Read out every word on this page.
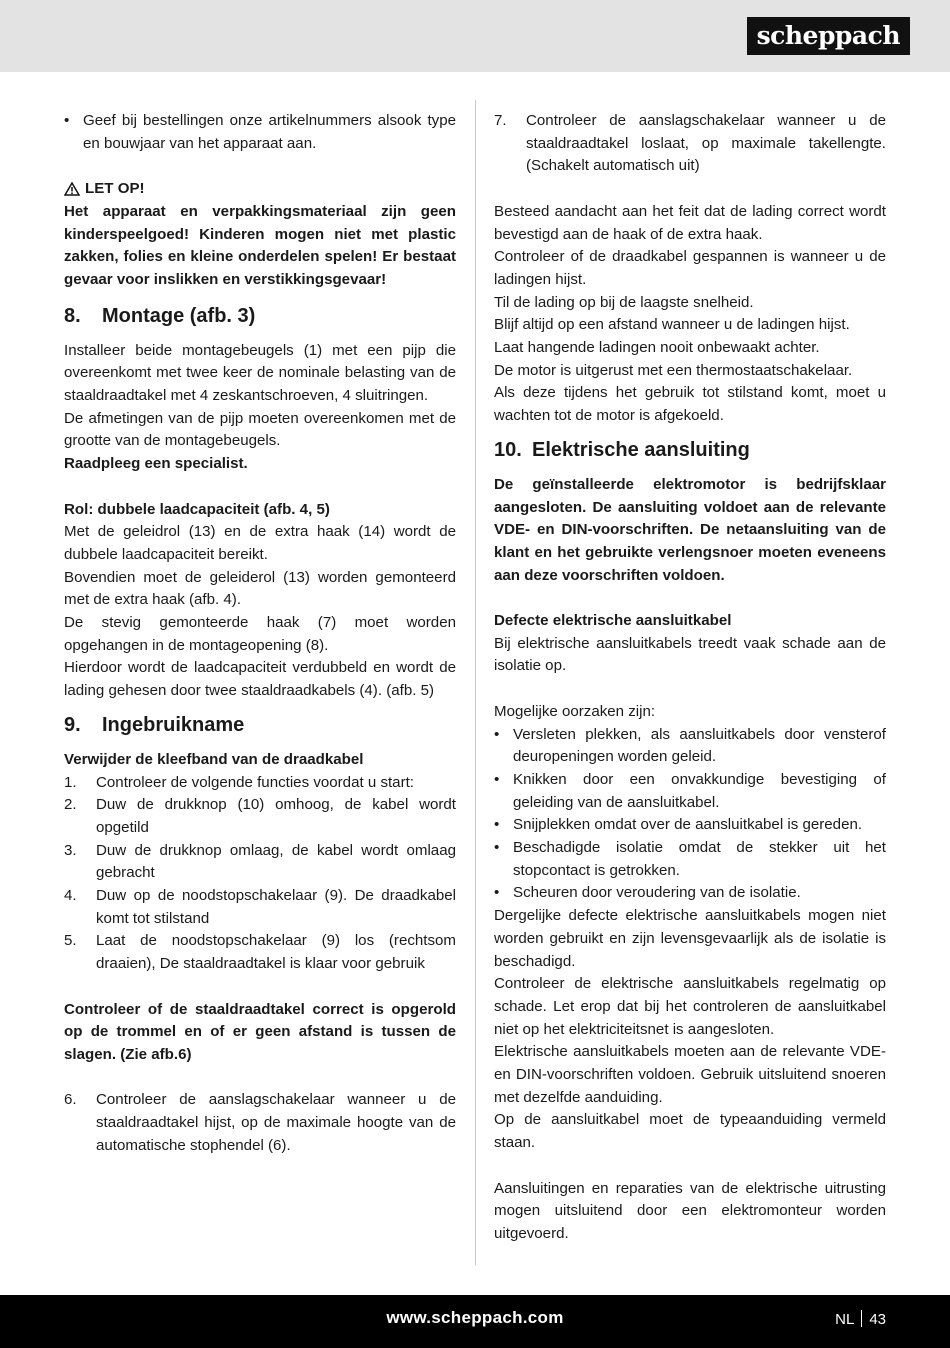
scheppach
• Geef bij bestellingen onze artikelnummers alsook type en bouwjaar van het apparaat aan.
LET OP!

Het apparaat en verpakkingsmateriaal zijn geen kinderspeelgoed! Kinderen mogen niet met plastic zakken, folies en kleine onderdelen spelen! Er bestaat gevaar voor inslikken en verstikkingsgevaar!

8.	Montage (afb. 3)

Installeer beide montagebeugels (1) met een pijp die overeenkomt met twee keer de nominale belasting van de staaldraadtakel met 4 zeskantschroeven, 4 sluitringen.

De afmetingen van de pijp moeten overeenkomen met de grootte van de montagebeugels.

Raadpleeg een specialist.

Rol: dubbele laadcapaciteit (afb. 4, 5)

Met de geleidrol (13) en de extra haak (14) wordt de dubbele laadcapaciteit bereikt.

Bovendien moet de geleiderol (13) worden gemonteerd met de extra haak (afb. 4).

De stevig gemonteerde haak (7) moet worden opgehangen in de montageopening (8).

Hierdoor wordt de laadcapaciteit verdubbeld en wordt de lading gehesen door twee staaldraadkabels (4). (afb. 5)

9.	Ingebruikname

Verwijder de kleefband van de draadkabel

1.	Controleer de volgende functies voordat u start:
2.	Duw de drukknop (10) omhoog, de kabel wordt opgetild
3.	Duw de drukknop omlaag, de kabel wordt omlaag gebracht
4.	Duw op de noodstopschakelaar (9). De draadkabel komt tot stilstand
5.	Laat de noodstopschakelaar (9) los (rechtsom draaien), De staaldraadtakel is klaar voor gebruik

Controleer of de staaldraadtakel correct is opgerold op de trommel en of er geen afstand is tussen de slagen. (Zie afb.6)

6.	Controleer de aanslagschakelaar wanneer u de staaldraadtakel hijst, op de maximale hoogte van de automatische stophendel (6).
7.	Controleer de aanslagschakelaar wanneer u de staaldraadtakel loslaat, op maximale takellengte. (Schakelt automatisch uit)

Besteed aandacht aan het feit dat de lading correct wordt bevestigd aan de haak of de extra haak.

Controleer of de draadkabel gespannen is wanneer u de ladingen hijst.

Til de lading op bij de laagste snelheid.

Blijf altijd op een afstand wanneer u de ladingen hijst.

Laat hangende ladingen nooit onbewaakt achter.

De motor is uitgerust met een thermostaatschakelaar.

Als deze tijdens het gebruik tot stilstand komt, moet u wachten tot de motor is afgekoeld.

10. Elektrische aansluiting

De geïnstalleerde elektromotor is bedrijfsklaar aangesloten. De aansluiting voldoet aan de relevante VDE- en DIN-voorschriften. De netaansluiting van de klant en het gebruikte verlengsnoer moeten eveneens aan deze voorschriften voldoen.

Defecte elektrische aansluitkabel

Bij elektrische aansluitkabels treedt vaak schade aan de isolatie op.

Mogelijke oorzaken zijn:

• Versleten plekken, als aansluitkabels door vensterof deuropeningen worden geleid.
• Knikken door een onvakkundige bevestiging of geleiding van de aansluitkabel.
• Snijplekken omdat over de aansluitkabel is gereden.
• Beschadigde isolatie omdat de stekker uit het stopcontact is getrokken.
• Scheuren door veroudering van de isolatie.

Dergelijke defecte elektrische aansluitkabels mogen niet worden gebruikt en zijn levensgevaarlijk als de isolatie is beschadigd.

Controleer de elektrische aansluitkabels regelmatig op schade. Let erop dat bij het controleren de aansluitkabel niet op het elektriciteitsnet is aangesloten.

Elektrische aansluitkabels moeten aan de relevante VDE- en DIN-voorschriften voldoen. Gebruik uitsluitend snoeren met dezelfde aanduiding.

Op de aansluitkabel moet de typeaanduiding vermeld staan.

Aansluitingen en reparaties van de elektrische uitrusting mogen uitsluitend door een elektromonteur worden uitgevoerd.

www.scheppach.com	NL 43
